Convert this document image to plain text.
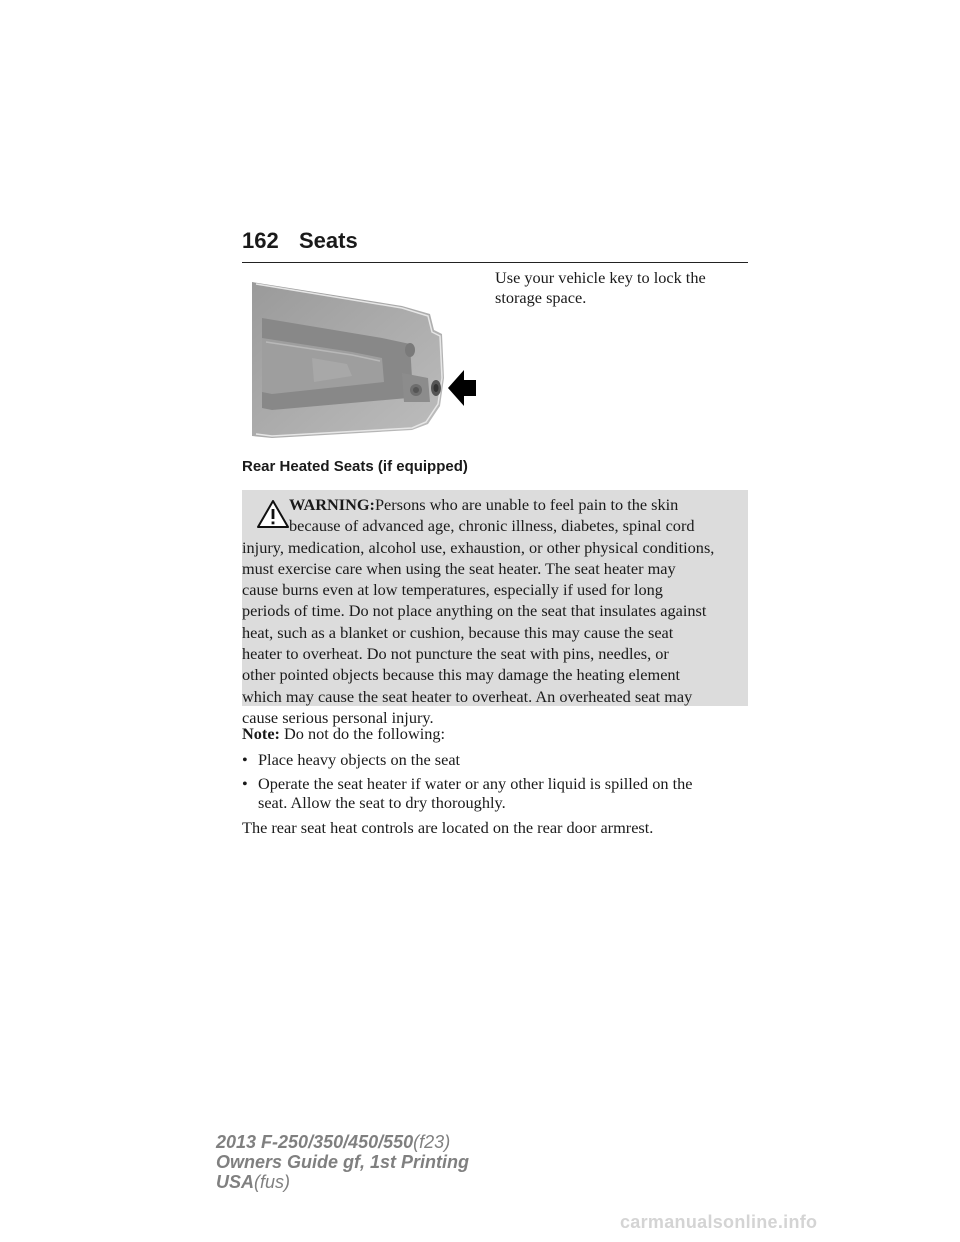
162 Seats
Use your vehicle key to lock the
storage space.
Rear Heated Seats (if equipped)
WARNING:Persons who are unable to feel pain to the skin
because of advanced age, chronic illness, diabetes, spinal cord
injury, medication, alcohol use, exhaustion, or other physical conditions,
must exercise care when using the seat heater. The seat heater may
cause burns even at low temperatures, especially if used for long
periods of time. Do not place anything on the seat that insulates against
heat, such as a blanket or cushion, because this may cause the seat
heater to overheat. Do not puncture the seat with pins, needles, or
other pointed objects because this may damage the heating element
which may cause the seat heater to overheat. An overheated seat may
cause serious personal injury.
Note: Do not do the following:
• Place heavy objects on the seat
• Operate the seat heater if water or any other liquid is spilled on the
seat. Allow the seat to dry thoroughly.
The rear seat heat controls are located on the rear door armrest.
2013 F-250/350/450/550(f23)
Owners Guide gf, 1st Printing
USA(fus)
carmanualsonline.info
